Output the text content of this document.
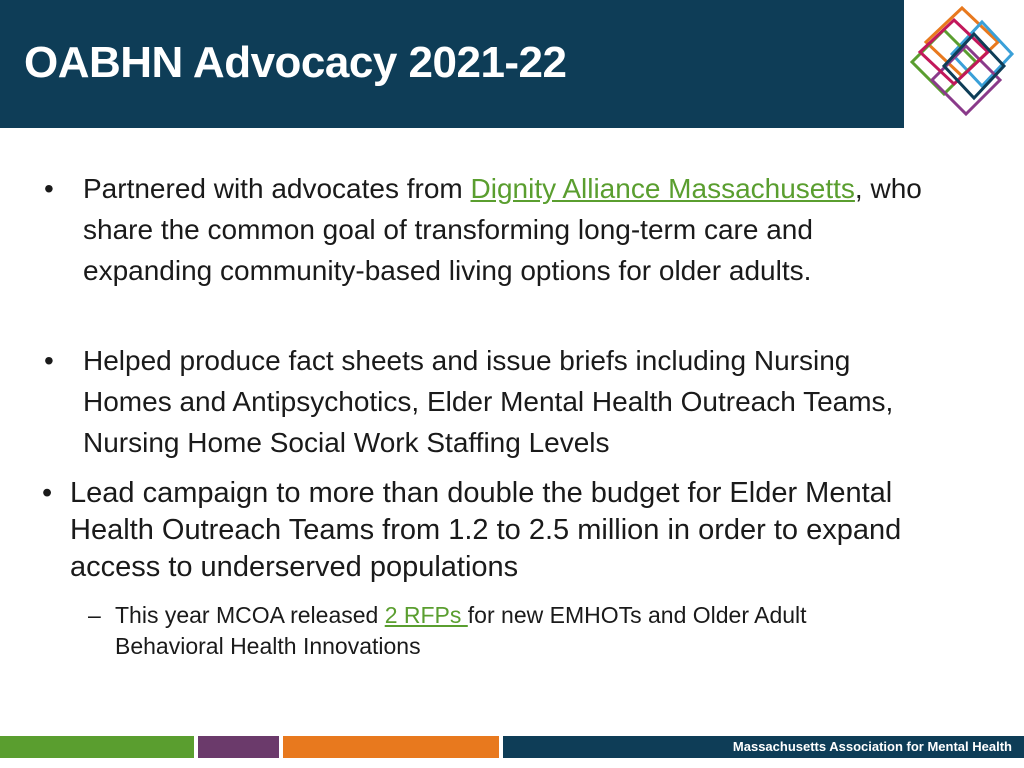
OABHN Advocacy 2021-22
• Partnered with advocates from Dignity Alliance Massachusetts, who share the common goal of transforming long-term care and expanding community-based living options for older adults.
• Helped produce fact sheets and issue briefs including Nursing Homes and Antipsychotics, Elder Mental Health Outreach Teams, Nursing Home Social Work Staffing Levels
• Lead campaign to more than double the budget for Elder Mental Health Outreach Teams from 1.2 to 2.5 million in order to expand access to underserved populations
– This year MCOA released 2 RFPs for new EMHOTs and Older Adult Behavioral Health Innovations
Massachusetts Association for Mental Health
